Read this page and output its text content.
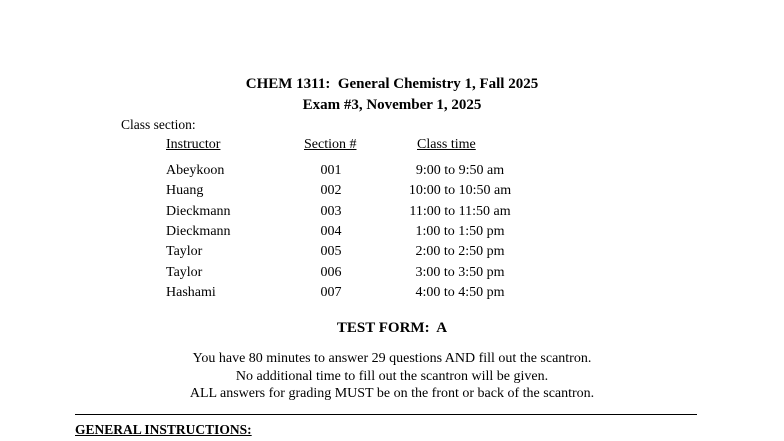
CHEM 1311:  General Chemistry 1, Fall 2025
Exam #3, November 1, 2025
Class section:
Instructor	Section #	Class time
Abeykoon	001	9:00 to 9:50 am
Huang	002	10:00 to 10:50 am
Dieckmann	003	11:00 to 11:50 am
Dieckmann	004	1:00 to 1:50 pm
Taylor	005	2:00 to 2:50 pm
Taylor	006	3:00 to 3:50 pm
Hashami	007	4:00 to 4:50 pm
TEST FORM:  A
You have 80 minutes to answer 29 questions AND fill out the scantron.
No additional time to fill out the scantron will be given.
ALL answers for grading MUST be on the front or back of the scantron.
GENERAL INSTRUCTIONS:
